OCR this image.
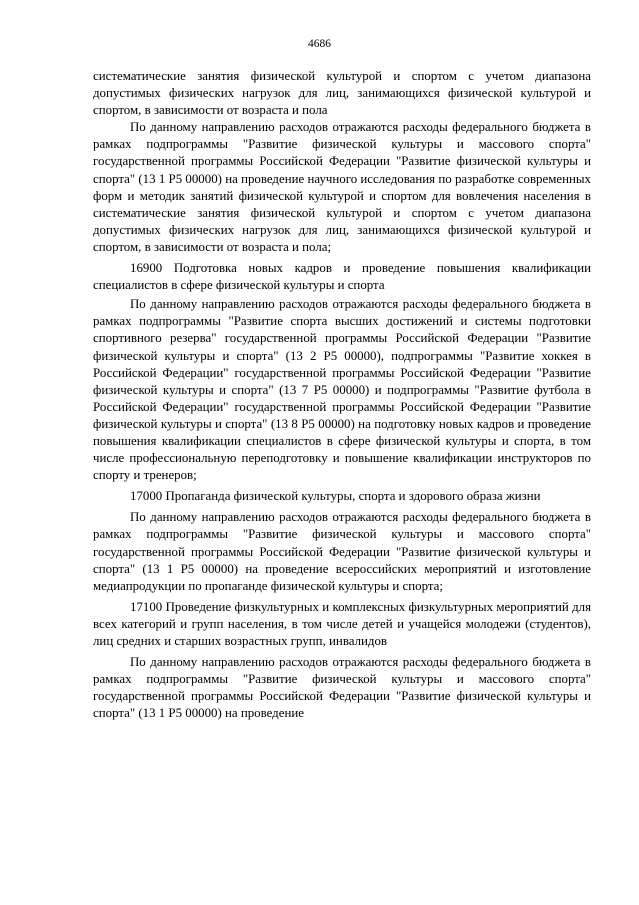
4686

систематические занятия физической культурой и спортом с учетом диапазона допустимых физических нагрузок для лиц, занимающихся физической культурой и спортом, в зависимости от возраста и пола

По данному направлению расходов отражаются расходы федерального бюджета в рамках подпрограммы "Развитие физической культуры и массового спорта" государственной программы Российской Федерации "Развитие физической культуры и спорта" (13 1 P5 00000) на проведение научного исследования по разработке современных форм и методик занятий физической культурой и спортом для вовлечения населения в систематические занятия физической культурой и спортом с учетом диапазона допустимых физических нагрузок для лиц, занимающихся физической культурой и спортом, в зависимости от возраста и пола;

16900 Подготовка новых кадров и проведение повышения квалификации специалистов в сфере физической культуры и спорта

По данному направлению расходов отражаются расходы федерального бюджета в рамках подпрограммы "Развитие спорта высших достижений и системы подготовки спортивного резерва" государственной программы Российской Федерации "Развитие физической культуры и спорта" (13 2 P5 00000), подпрограммы "Развитие хоккея в Российской Федерации" государственной программы Российской Федерации "Развитие физической культуры и спорта" (13 7 P5 00000) и подпрограммы "Развитие футбола в Российской Федерации" государственной программы Российской Федерации "Развитие физической культуры и спорта" (13 8 P5 00000) на подготовку новых кадров и проведение повышения квалификации специалистов в сфере физической культуры и спорта, в том числе профессиональную переподготовку и повышение квалификации инструкторов по спорту и тренеров;

17000 Пропаганда физической культуры, спорта и здорового образа жизни

По данному направлению расходов отражаются расходы федерального бюджета в рамках подпрограммы "Развитие физической культуры и массового спорта" государственной программы Российской Федерации "Развитие физической культуры и спорта" (13 1 P5 00000) на проведение всероссийских мероприятий и изготовление медиапродукции по пропаганде физической культуры и спорта;

17100 Проведение физкультурных и комплексных физкультурных мероприятий для всех категорий и групп населения, в том числе детей и учащейся молодежи (студентов), лиц средних и старших возрастных групп, инвалидов

По данному направлению расходов отражаются расходы федерального бюджета в рамках подпрограммы "Развитие физической культуры и массового спорта" государственной программы Российской Федерации "Развитие физической культуры и спорта" (13 1 P5 00000) на проведение
